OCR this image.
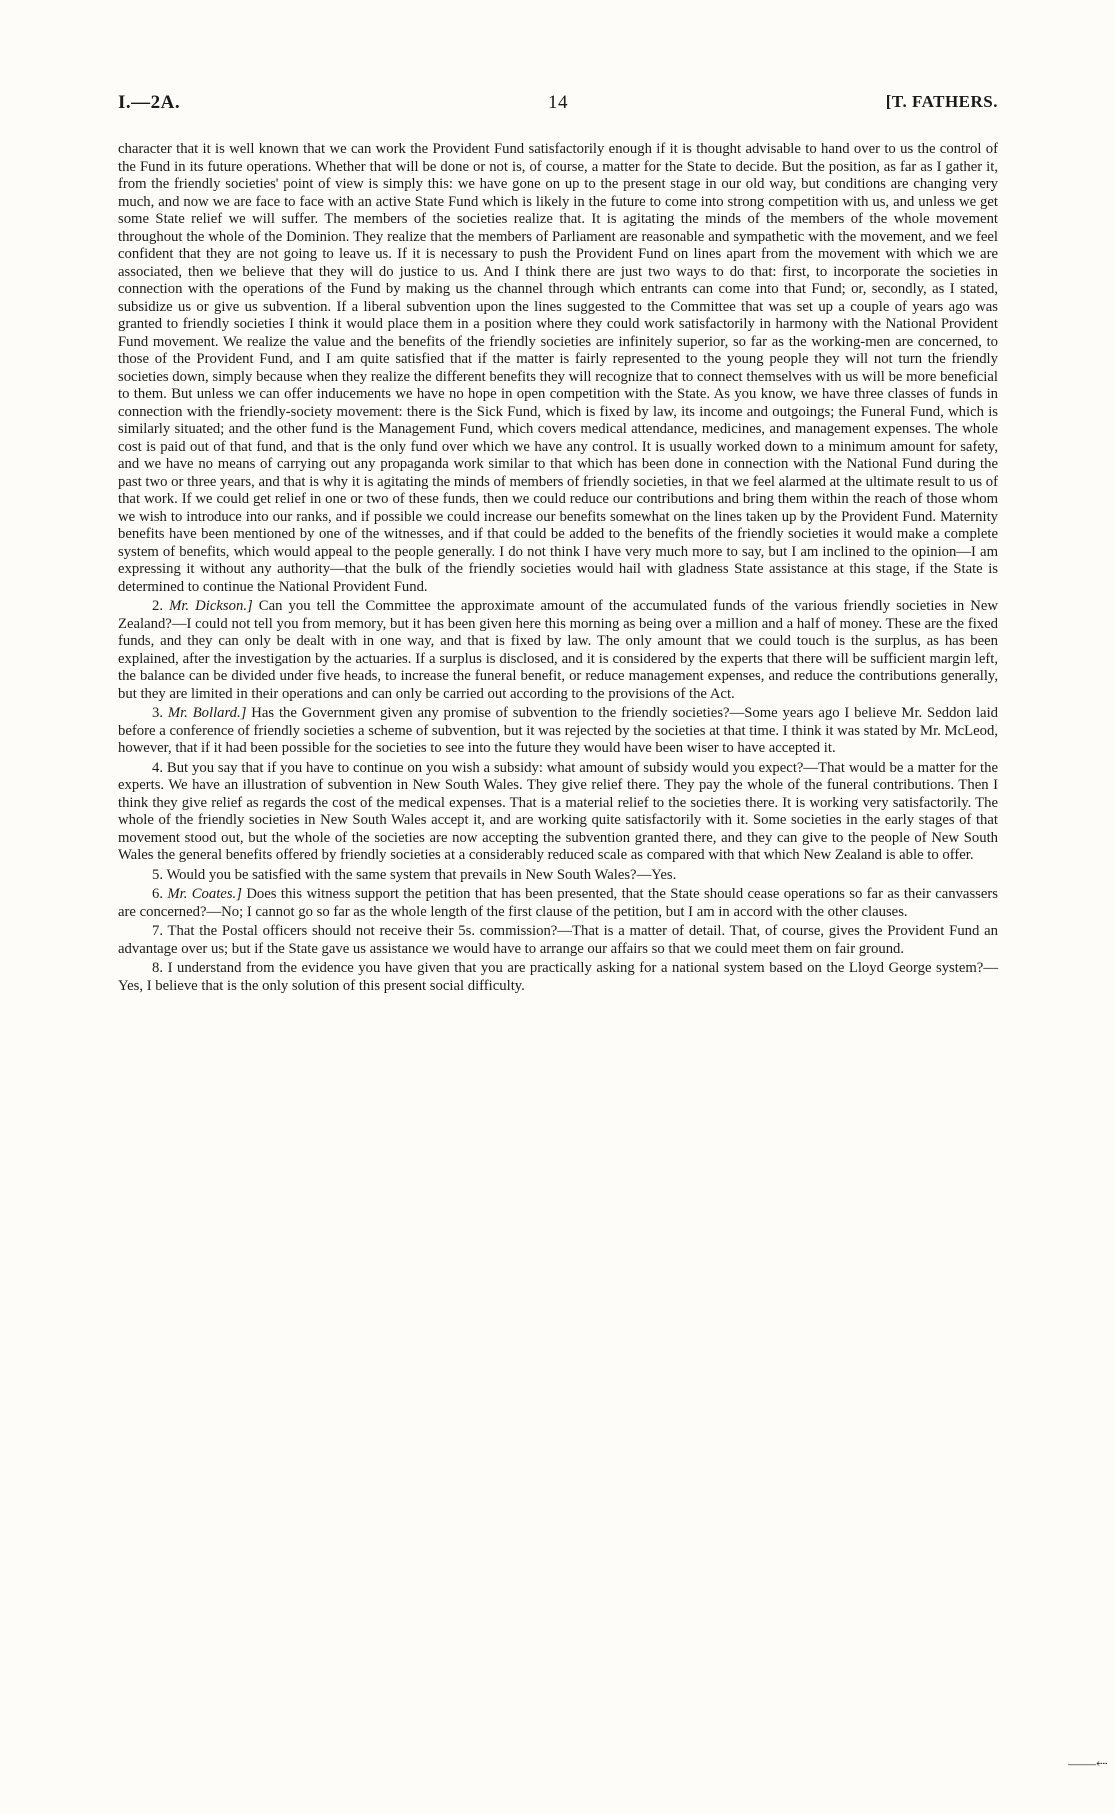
I.—2A.	14	[T. FATHERS.

character that it is well known that we can work the Provident Fund satisfactorily enough if it is thought advisable to hand over to us the control of the Fund in its future operations. Whether that will be done or not is, of course, a matter for the State to decide. But the position, as far as I gather it, from the friendly societies' point of view is simply this: we have gone on up to the present stage in our old way, but conditions are changing very much, and now we are face to face with an active State Fund which is likely in the future to come into strong competition with us, and unless we get some State relief we will suffer. The members of the societies realize that. It is agitating the minds of the members of the whole movement throughout the whole of the Dominion. They realize that the members of Parliament are reasonable and sympathetic with the movement, and we feel confident that they are not going to leave us. If it is necessary to push the Provident Fund on lines apart from the movement with which we are associated, then we believe that they will do justice to us. And I think there are just two ways to do that: first, to incorporate the societies in connection with the operations of the Fund by making us the channel through which entrants can come into that Fund; or, secondly, as I stated, subsidize us or give us subvention. If a liberal subvention upon the lines suggested to the Committee that was set up a couple of years ago was granted to friendly societies I think it would place them in a position where they could work satisfactorily in harmony with the National Provident Fund movement. We realize the value and the benefits of the friendly societies are infinitely superior, so far as the working-men are concerned, to those of the Provident Fund, and I am quite satisfied that if the matter is fairly represented to the young people they will not turn the friendly societies down, simply because when they realize the different benefits they will recognize that to connect themselves with us will be more beneficial to them. But unless we can offer inducements we have no hope in open competition with the State. As you know, we have three classes of funds in connection with the friendly-society movement: there is the Sick Fund, which is fixed by law, its income and outgoings; the Funeral Fund, which is similarly situated; and the other fund is the Management Fund, which covers medical attendance, medicines, and management expenses. The whole cost is paid out of that fund, and that is the only fund over which we have any control. It is usually worked down to a minimum amount for safety, and we have no means of carrying out any propaganda work similar to that which has been done in connection with the National Fund during the past two or three years, and that is why it is agitating the minds of members of friendly societies, in that we feel alarmed at the ultimate result to us of that work. If we could get relief in one or two of these funds, then we could reduce our contributions and bring them within the reach of those whom we wish to introduce into our ranks, and if possible we could increase our benefits somewhat on the lines taken up by the Provident Fund. Maternity benefits have been mentioned by one of the witnesses, and if that could be added to the benefits of the friendly societies it would make a complete system of benefits, which would appeal to the people generally. I do not think I have very much more to say, but I am inclined to the opinion—I am expressing it without any authority—that the bulk of the friendly societies would hail with gladness State assistance at this stage, if the State is determined to continue the National Provident Fund.

2. Mr. Dickson.] Can you tell the Committee the approximate amount of the accumulated funds of the various friendly societies in New Zealand?—I could not tell you from memory, but it has been given here this morning as being over a million and a half of money. These are the fixed funds, and they can only be dealt with in one way, and that is fixed by law. The only amount that we could touch is the surplus, as has been explained, after the investigation by the actuaries. If a surplus is disclosed, and it is considered by the experts that there will be sufficient margin left, the balance can be divided under five heads, to increase the funeral benefit, or reduce management expenses, and reduce the contributions generally, but they are limited in their operations and can only be carried out according to the provisions of the Act.

3. Mr. Bollard.] Has the Government given any promise of subvention to the friendly societies?—Some years ago I believe Mr. Seddon laid before a conference of friendly societies a scheme of subvention, but it was rejected by the societies at that time. I think it was stated by Mr. McLeod, however, that if it had been possible for the societies to see into the future they would have been wiser to have accepted it.

4. But you say that if you have to continue on you wish a subsidy: what amount of subsidy would you expect?—That would be a matter for the experts. We have an illustration of subvention in New South Wales. They give relief there. They pay the whole of the funeral contributions. Then I think they give relief as regards the cost of the medical expenses. That is a material relief to the societies there. It is working very satisfactorily. The whole of the friendly societies in New South Wales accept it, and are working quite satisfactorily with it. Some societies in the early stages of that movement stood out, but the whole of the societies are now accepting the subvention granted there, and they can give to the people of New South Wales the general benefits offered by friendly societies at a considerably reduced scale as compared with that which New Zealand is able to offer.

5. Would you be satisfied with the same system that prevails in New South Wales?—Yes.

6. Mr. Coates.] Does this witness support the petition that has been presented, that the State should cease operations so far as their canvassers are concerned?—No; I cannot go so far as the whole length of the first clause of the petition, but I am in accord with the other clauses.

7. That the Postal officers should not receive their 5s. commission?—That is a matter of detail. That, of course, gives the Provident Fund an advantage over us; but if the State gave us assistance we would have to arrange our affairs so that we could meet them on fair ground.

8. I understand from the evidence you have given that you are practically asking for a national system based on the Lloyd George system?—Yes, I believe that is the only solution of this present social difficulty.

——⇠
